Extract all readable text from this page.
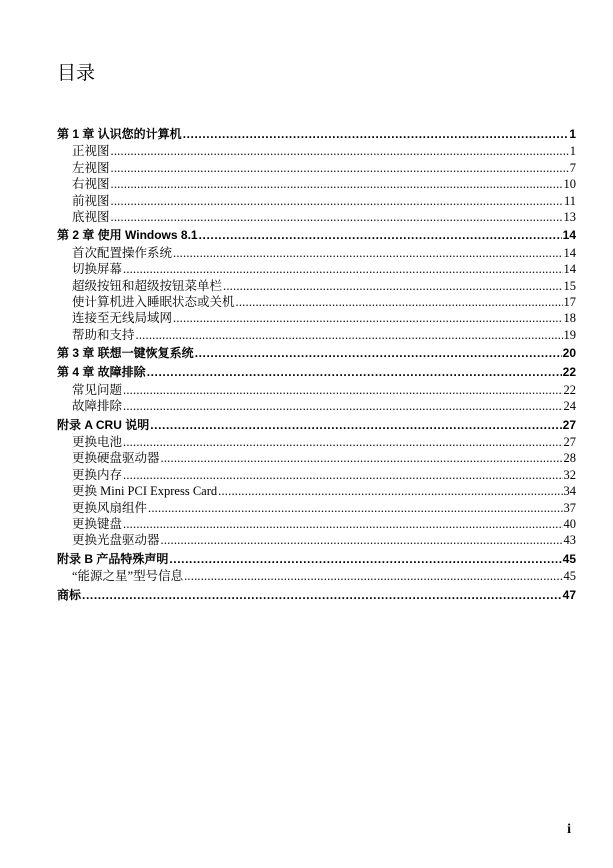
目录
第 1 章 认识您的计算机 .....	1
正视图 .....	1
左视图 .....	7
右视图 .....	10
前视图 .....	11
底视图 .....	13
第 2 章 使用 Windows 8.1 .....	14
首次配置操作系统 .....	14
切换屏幕 .....	14
超级按钮和超级按钮菜单栏 .....	15
使计算机进入睡眠状态或关机 .....	17
连接至无线局域网 .....	18
帮助和支持 .....	19
第 3 章 联想一键恢复系统 .....	20
第 4 章 故障排除 .....	22
常见问题 .....	22
故障排除 .....	24
附录 A CRU 说明 .....	27
更换电池 .....	27
更换硬盘驱动器 .....	28
更换内存 .....	32
更换 Mini PCI Express Card .....	34
更换风扇组件 .....	37
更换键盘 .....	40
更换光盘驱动器 .....	43
附录 B 产品特殊声明 .....	45
“能源之星”型号信息 .....	45
商标 .....	47
i
